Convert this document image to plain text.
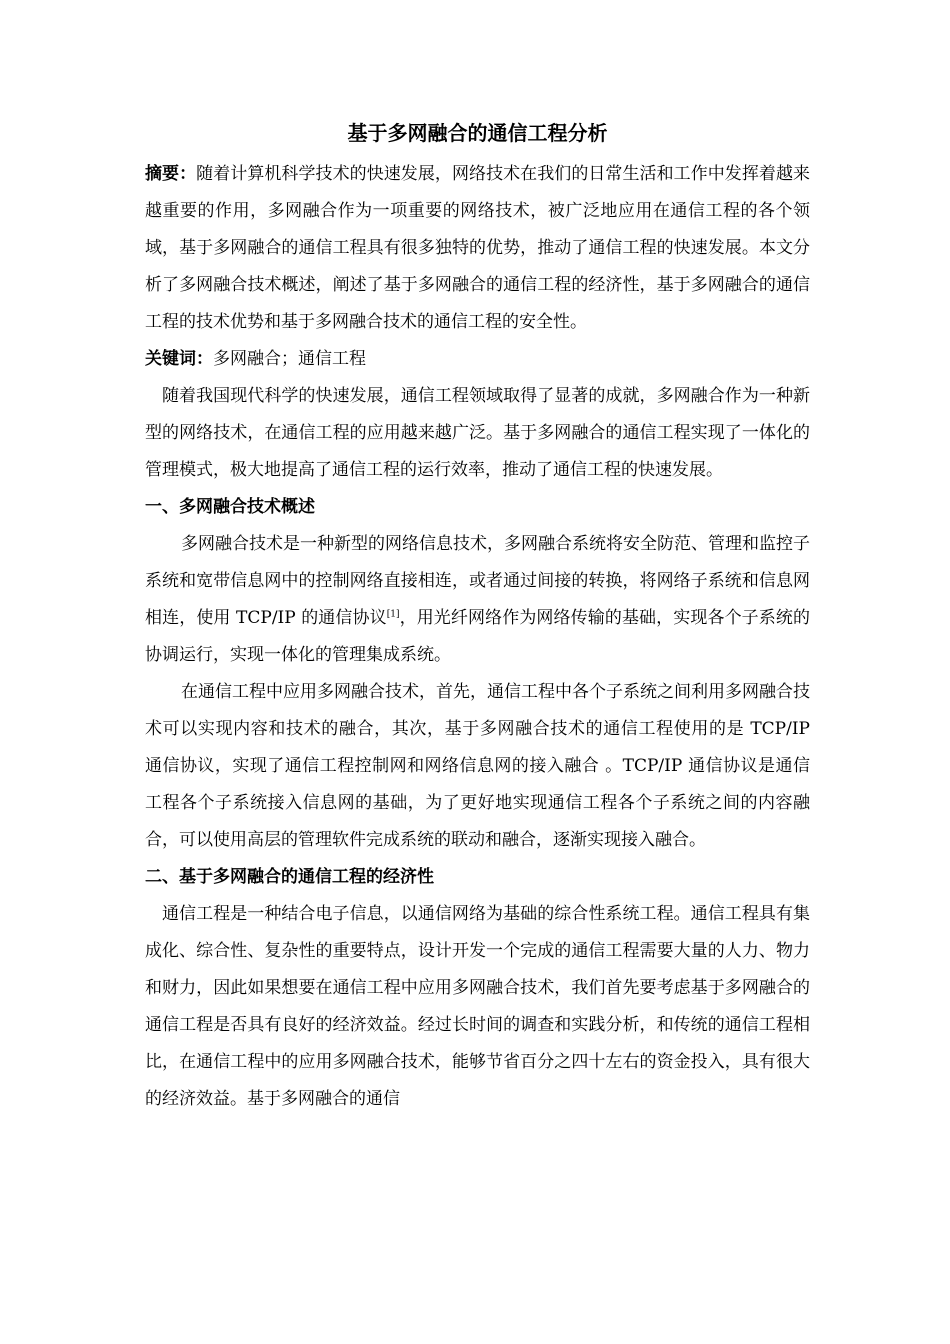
基于多网融合的通信工程分析

摘要：随着计算机科学技术的快速发展，网络技术在我们的日常生活和工作中发挥着越来越重要的作用，多网融合作为一项重要的网络技术，被广泛地应用在通信工程的各个领域，基于多网融合的通信工程具有很多独特的优势，推动了通信工程的快速发展。本文分析了多网融合技术概述，阐述了基于多网融合的通信工程的经济性，基于多网融合的通信工程的技术优势和基于多网融合技术的通信工程的安全性。

关键词：多网融合；通信工程

随着我国现代科学的快速发展，通信工程领域取得了显著的成就，多网融合作为一种新型的网络技术，在通信工程的应用越来越广泛。基于多网融合的通信工程实现了一体化的管理模式，极大地提高了通信工程的运行效率，推动了通信工程的快速发展。

一、多网融合技术概述

多网融合技术是一种新型的网络信息技术，多网融合系统将安全防范、管理和监控子系统和宽带信息网中的控制网络直接相连，或者通过间接的转换，将网络子系统和信息网相连，使用 TCP/IP 的通信协议[1]，用光纤网络作为网络传输的基础，实现各个子系统的协调运行，实现一体化的管理集成系统。

在通信工程中应用多网融合技术，首先，通信工程中各个子系统之间利用多网融合技术可以实现内容和技术的融合，其次，基于多网融合技术的通信工程使用的是 TCP/IP 通信协议，实现了通信工程控制网和网络信息网的接入融合 。TCP/IP 通信协议是通信工程各个子系统接入信息网的基础，为了更好地实现通信工程各个子系统之间的内容融合，可以使用高层的管理软件完成系统的联动和融合，逐渐实现接入融合。

二、基于多网融合的通信工程的经济性

通信工程是一种结合电子信息，以通信网络为基础的综合性系统工程。通信工程具有集成化、综合性、复杂性的重要特点，设计开发一个完成的通信工程需要大量的人力、物力和财力，因此如果想要在通信工程中应用多网融合技术，我们首先要考虑基于多网融合的通信工程是否具有良好的经济效益。经过长时间的调查和实践分析，和传统的通信工程相比，在通信工程中的应用多网融合技术，能够节省百分之四十左右的资金投入，具有很大的经济效益。基于多网融合的通信
